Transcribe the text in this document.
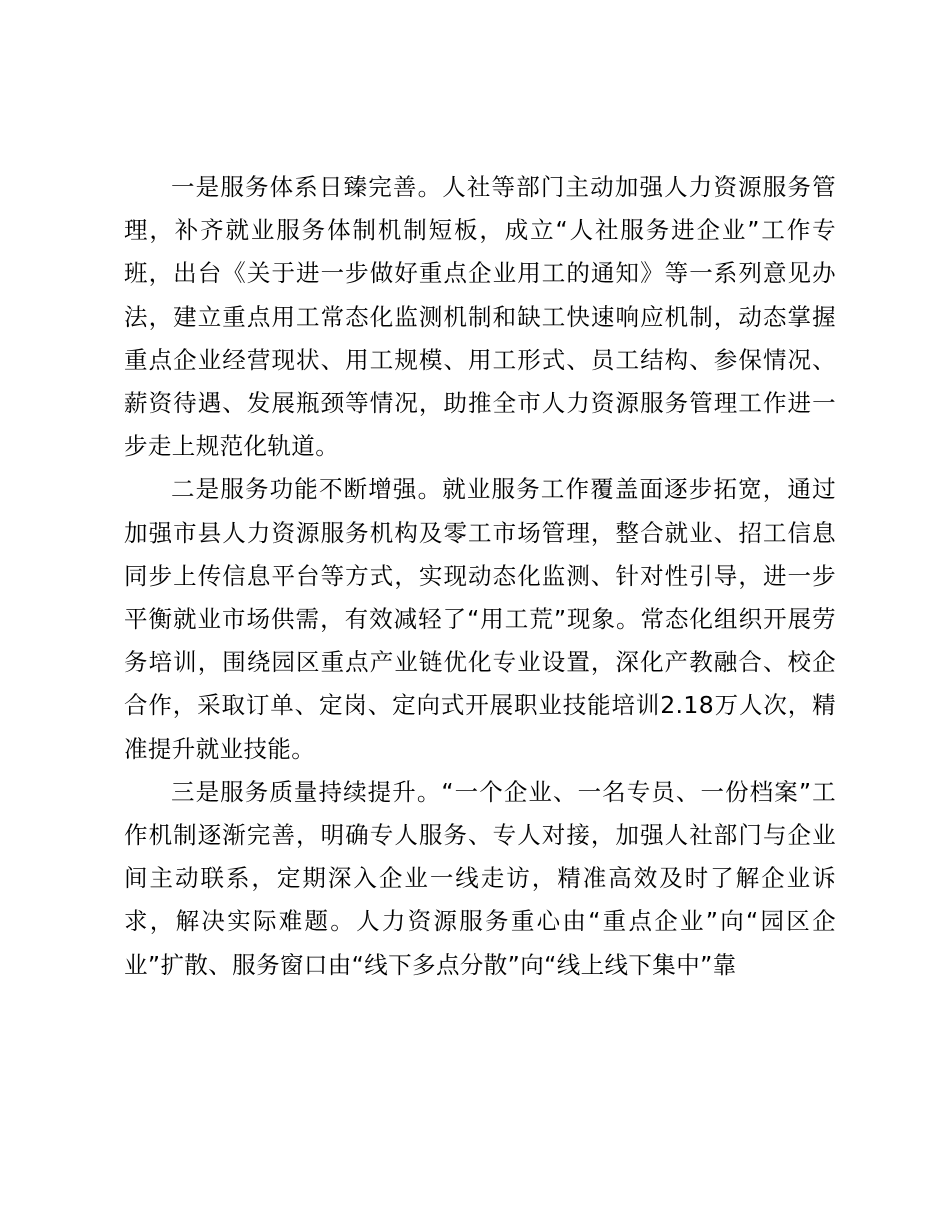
一是服务体系日臻完善。人社等部门主动加强人力资源服务管理，补齐就业服务体制机制短板，成立“人社服务进企业”工作专班，出台《关于进一步做好重点企业用工的通知》等一系列意见办法，建立重点用工常态化监测机制和缺工快速响应机制，动态掌握重点企业经营现状、用工规模、用工形式、员工结构、参保情况、薪资待遇、发展瓶颈等情况，助推全市人力资源服务管理工作进一步走上规范化轨道。

二是服务功能不断增强。就业服务工作覆盖面逐步拓宽，通过加强市县人力资源服务机构及零工市场管理，整合就业、招工信息同步上传信息平台等方式，实现动态化监测、针对性引导，进一步平衡就业市场供需，有效减轻了“用工荒”现象。常态化组织开展劳务培训，围绕园区重点产业链优化专业设置，深化产教融合、校企合作，采取订单、定岗、定向式开展职业技能培训2.18万人次，精准提升就业技能。

三是服务质量持续提升。“一个企业、一名专员、一份档案”工作机制逐渐完善，明确专人服务、专人对接，加强人社部门与企业间主动联系，定期深入企业一线走访，精准高效及时了解企业诉求，解决实际难题。人力资源服务重心由“重点企业”向“园区企业”扩散、服务窗口由“线下多点分散”向“线上线下集中”靠
